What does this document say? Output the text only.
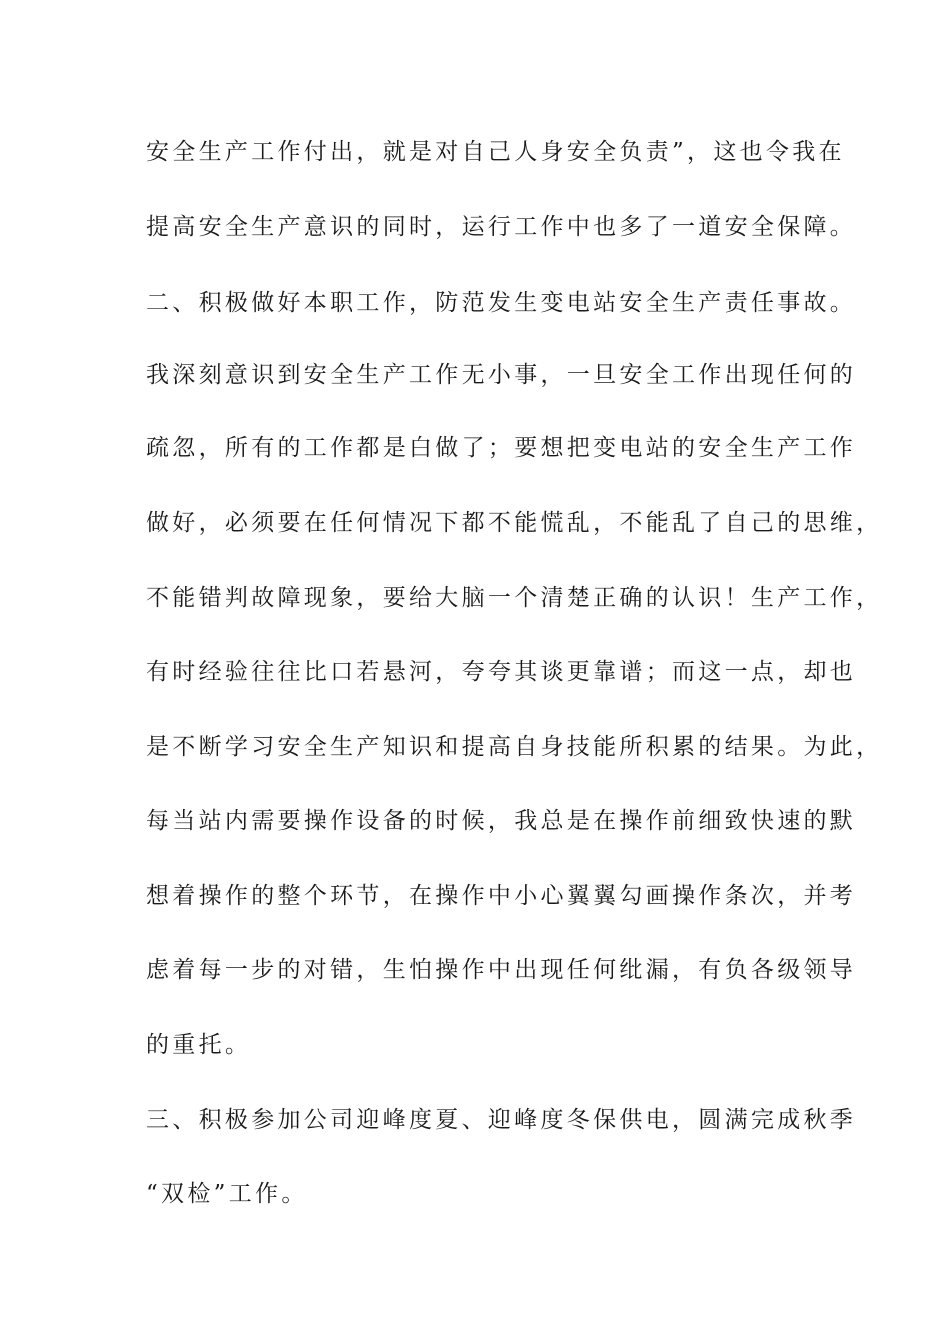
安全生产工作付出，就是对自己人身安全负责”，这也令我在
提高安全生产意识的同时，运行工作中也多了一道安全保障。
二、积极做好本职工作，防范发生变电站安全生产责任事故。
我深刻意识到安全生产工作无小事，一旦安全工作出现任何的
疏忽，所有的工作都是白做了；要想把变电站的安全生产工作
做好，必须要在任何情况下都不能慌乱，不能乱了自己的思维，
不能错判故障现象，要给大脑一个清楚正确的认识！生产工作，
有时经验往往比口若悬河，夸夸其谈更靠谱；而这一点，却也
是不断学习安全生产知识和提高自身技能所积累的结果。为此，
每当站内需要操作设备的时候，我总是在操作前细致快速的默
想着操作的整个环节，在操作中小心翼翼勾画操作条次，并考
虑着每一步的对错，生怕操作中出现任何纰漏，有负各级领导
的重托。
三、积极参加公司迎峰度夏、迎峰度冬保供电，圆满完成秋季
“双检”工作。
